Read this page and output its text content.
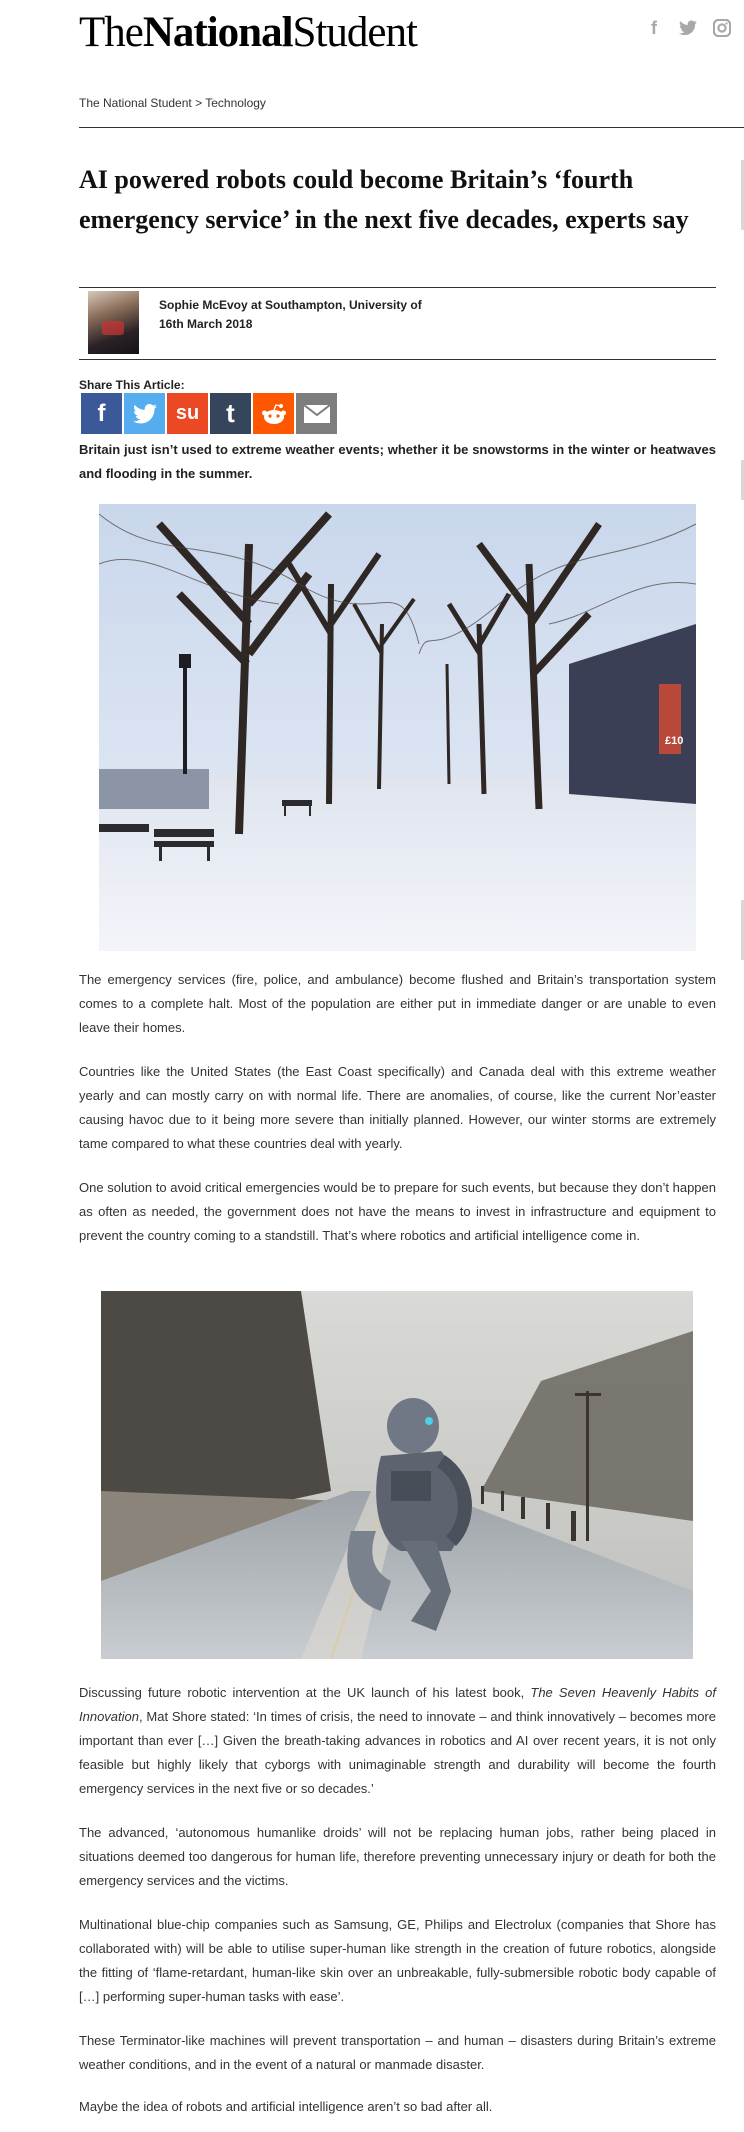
TheNationalStudent	f
The National Student > Technology
AI powered robots could become Britain’s ‘fourth emergency service’ in the next five decades, experts say
Sophie McEvoy at Southampton, University of
16th March 2018
Share This Article:
f	su t

Britain just isn’t used to extreme weather events; whether it be snowstorms in the winter or heatwaves and flooding in the summer.

£10

The emergency services (fire, police, and ambulance) become flushed and Britain’s transportation system comes to a complete halt. Most of the population are either put in immediate danger or are unable to even leave their homes.

Countries like the United States (the East Coast specifically) and Canada deal with this extreme weather yearly and can mostly carry on with normal life. There are anomalies, of course, like the current Nor’easter causing havoc due to it being more severe than initially planned. However, our winter storms are extremely tame compared to what these countries deal with yearly.

One solution to avoid critical emergencies would be to prepare for such events, but because they don’t happen as often as needed, the government does not have the means to invest in infrastructure and equipment to prevent the country coming to a standstill. That’s where robotics and artificial intelligence come in.

Discussing future robotic intervention at the UK launch of his latest book, The Seven Heavenly Habits of Innovation, Mat Shore stated: ‘In times of crisis, the need to innovate – and think innovatively – becomes more important than ever […] Given the breath-taking advances in robotics and AI over recent years, it is not only feasible but highly likely that cyborgs with unimaginable strength and durability will become the fourth emergency services in the next five or so decades.’

The advanced, ‘autonomous humanlike droids’ will not be replacing human jobs, rather being placed in situations deemed too dangerous for human life, therefore preventing unnecessary injury or death for both the emergency services and the victims.

Multinational blue-chip companies such as Samsung, GE, Philips and Electrolux (companies that Shore has collaborated with) will be able to utilise super-human like strength in the creation of future robotics, alongside the fitting of ‘flame-retardant, human-like skin over an unbreakable, fully-submersible robotic body capable of […] performing super-human tasks with ease’.

These Terminator-like machines will prevent transportation – and human – disasters during Britain’s extreme weather conditions, and in the event of a natural or manmade disaster.

Maybe the idea of robots and artificial intelligence aren’t so bad after all.
